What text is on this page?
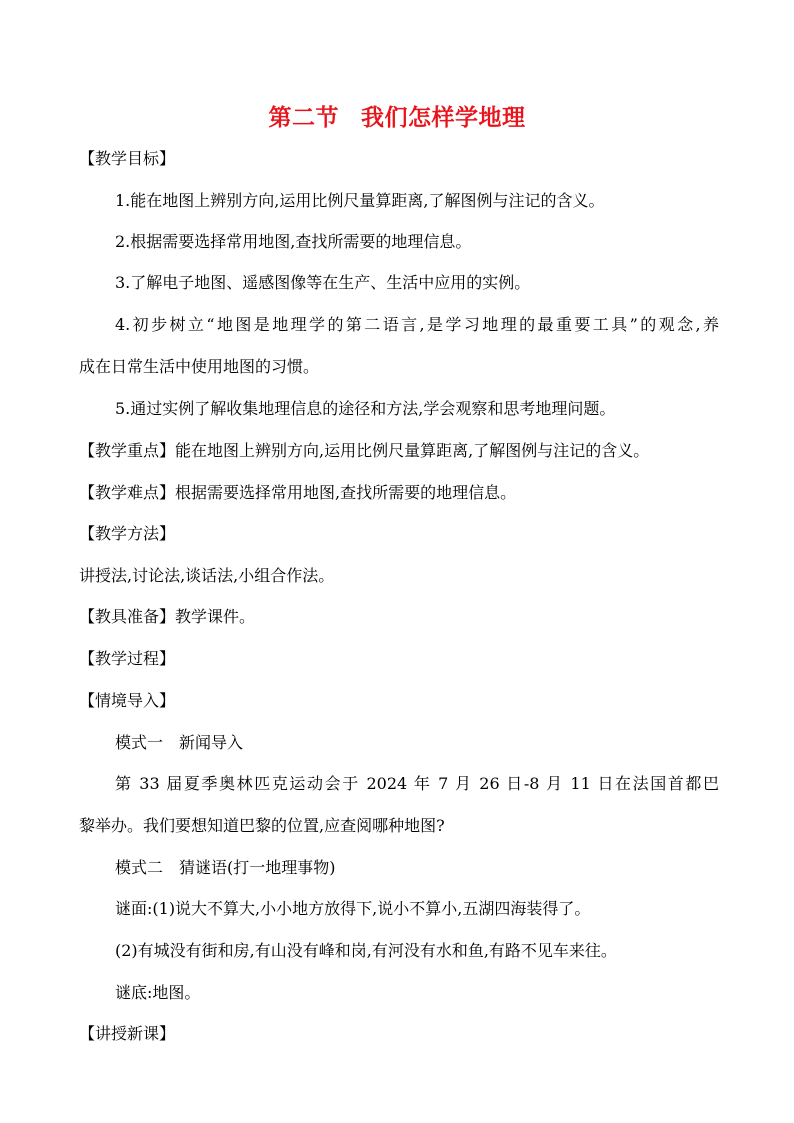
第二节 我们怎样学地理
【教学目标】
1.能在地图上辨别方向,运用比例尺量算距离,了解图例与注记的含义。
2.根据需要选择常用地图,查找所需要的地理信息。
3.了解电子地图、遥感图像等在生产、生活中应用的实例。
4.初步树立“地图是地理学的第二语言,是学习地理的最重要工具”的观念,养
成在日常生活中使用地图的习惯。
5.通过实例了解收集地理信息的途径和方法,学会观察和思考地理问题。
【教学重点】能在地图上辨别方向,运用比例尺量算距离,了解图例与注记的含义。
【教学难点】根据需要选择常用地图,查找所需要的地理信息。
【教学方法】
讲授法,讨论法,谈话法,小组合作法。
【教具准备】教学课件。
【教学过程】
【情境导入】
模式一　新闻导入
第 33 届夏季奥林匹克运动会于 2024 年 7 月 26 日-8 月 11 日在法国首都巴
黎举办。我们要想知道巴黎的位置,应查阅哪种地图?
模式二　猜谜语(打一地理事物)
谜面:(1)说大不算大,小小地方放得下,说小不算小,五湖四海装得了。
(2)有城没有街和房,有山没有峰和岗,有河没有水和鱼,有路不见车来往。
谜底:地图。
【讲授新课】
